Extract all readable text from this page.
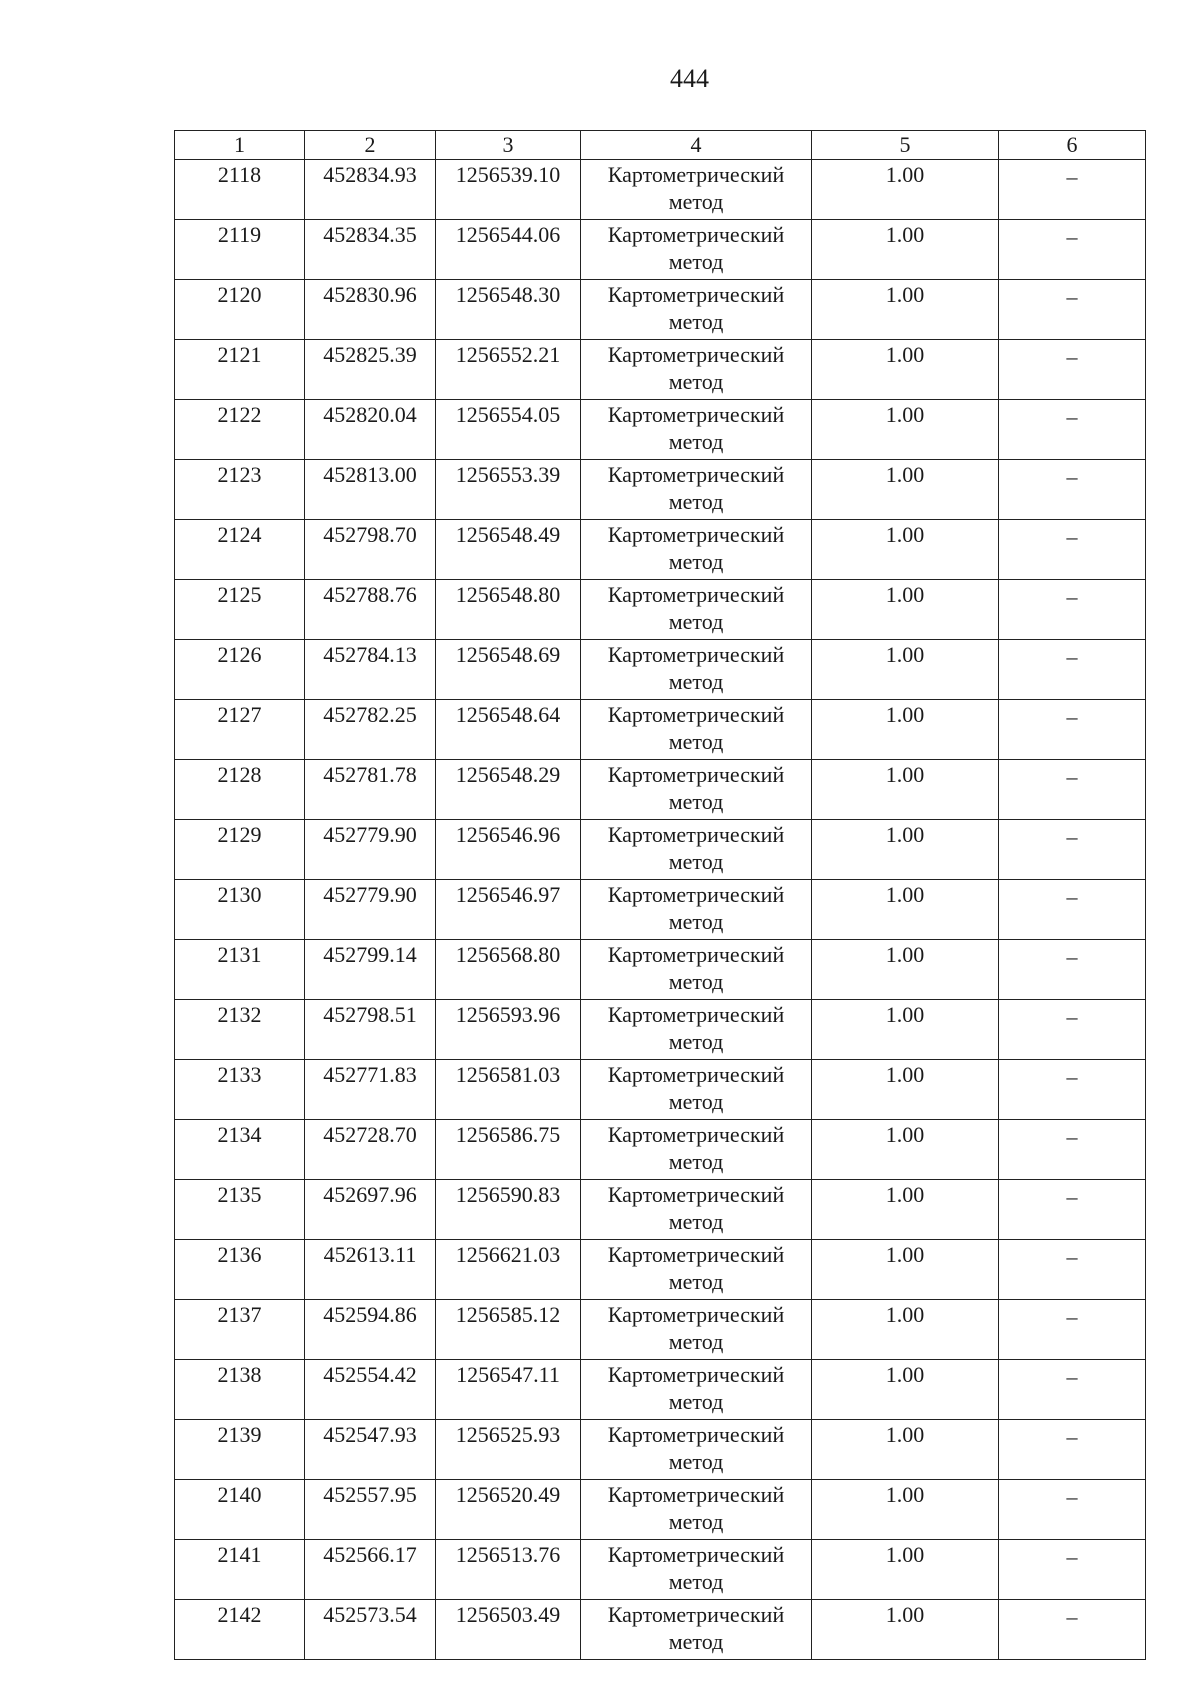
444
1	2	3	4	5	6
2118	452834.93	1256539.10	Картометрический метод	1.00	–
2119	452834.35	1256544.06	Картометрический метод	1.00	–
2120	452830.96	1256548.30	Картометрический метод	1.00	–
2121	452825.39	1256552.21	Картометрический метод	1.00	–
2122	452820.04	1256554.05	Картометрический метод	1.00	–
2123	452813.00	1256553.39	Картометрический метод	1.00	–
2124	452798.70	1256548.49	Картометрический метод	1.00	–
2125	452788.76	1256548.80	Картометрический метод	1.00	–
2126	452784.13	1256548.69	Картометрический метод	1.00	–
2127	452782.25	1256548.64	Картометрический метод	1.00	–
2128	452781.78	1256548.29	Картометрический метод	1.00	–
2129	452779.90	1256546.96	Картометрический метод	1.00	–
2130	452779.90	1256546.97	Картометрический метод	1.00	–
2131	452799.14	1256568.80	Картометрический метод	1.00	–
2132	452798.51	1256593.96	Картометрический метод	1.00	–
2133	452771.83	1256581.03	Картометрический метод	1.00	–
2134	452728.70	1256586.75	Картометрический метод	1.00	–
2135	452697.96	1256590.83	Картометрический метод	1.00	–
2136	452613.11	1256621.03	Картометрический метод	1.00	–
2137	452594.86	1256585.12	Картометрический метод	1.00	–
2138	452554.42	1256547.11	Картометрический метод	1.00	–
2139	452547.93	1256525.93	Картометрический метод	1.00	–
2140	452557.95	1256520.49	Картометрический метод	1.00	–
2141	452566.17	1256513.76	Картометрический метод	1.00	–
2142	452573.54	1256503.49	Картометрический метод	1.00	–
